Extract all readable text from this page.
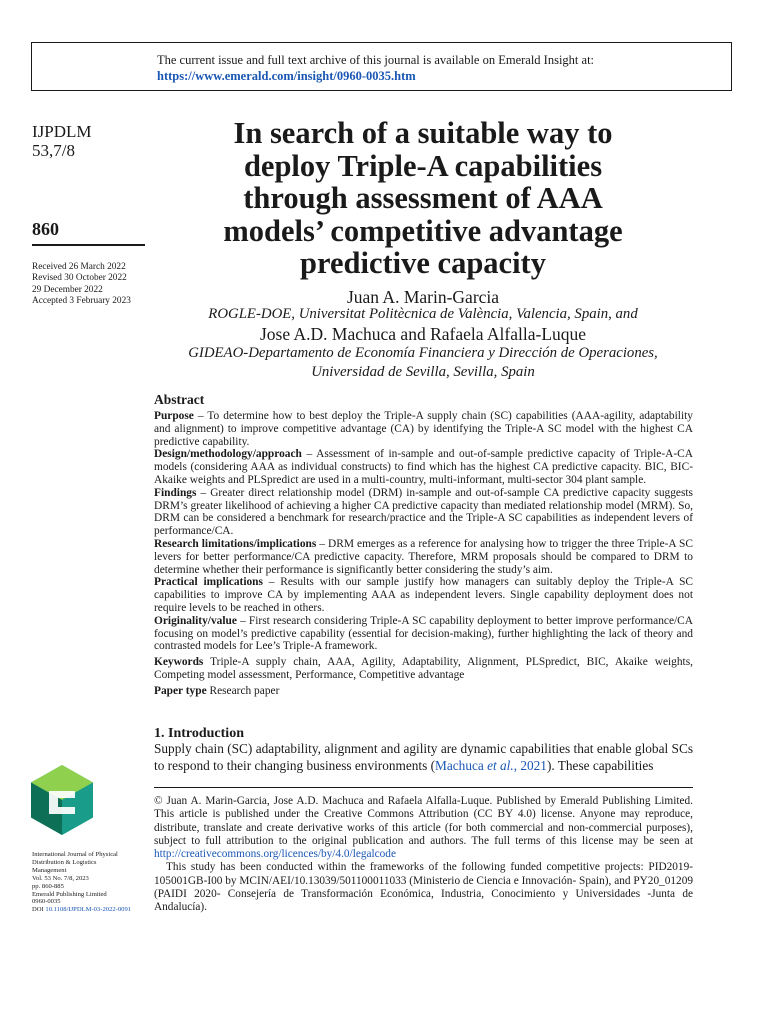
The current issue and full text archive of this journal is available on Emerald Insight at:
https://www.emerald.com/insight/0960-0035.htm
IJPDLM
53,7/8
860
Received 26 March 2022
Revised 30 October 2022
29 December 2022
Accepted 3 February 2023
In search of a suitable way to
deploy Triple-A capabilities
through assessment of AAA
models’ competitive advantage
predictive capacity
Juan A. Marin-Garcia
ROGLE-DOE, Universitat Politècnica de València, Valencia, Spain, and
Jose A.D. Machuca and Rafaela Alfalla-Luque
GIDEAO-Departamento de Economía Financiera y Dirección de Operaciones,
Universidad de Sevilla, Sevilla, Spain
Abstract

Purpose – To determine how to best deploy the Triple-A supply chain (SC) capabilities (AAA-agility, adaptability and alignment) to improve competitive advantage (CA) by identifying the Triple-A SC model with the highest CA predictive capability.

Design/methodology/approach – Assessment of in-sample and out-of-sample predictive capacity of Triple-A-CA models (considering AAA as individual constructs) to find which has the highest CA predictive capacity. BIC, BIC-Akaike weights and PLSpredict are used in a multi-country, multi-informant, multi-sector 304 plant sample.

Findings – Greater direct relationship model (DRM) in-sample and out-of-sample CA predictive capacity suggests DRM’s greater likelihood of achieving a higher CA predictive capacity than mediated relationship model (MRM). So, DRM can be considered a benchmark for research/practice and the Triple-A SC capabilities as independent levers of performance/CA.

Research limitations/implications – DRM emerges as a reference for analysing how to trigger the three Triple-A SC levers for better performance/CA predictive capacity. Therefore, MRM proposals should be compared to DRM to determine whether their performance is significantly better considering the study’s aim.

Practical implications – Results with our sample justify how managers can suitably deploy the Triple-A SC capabilities to improve CA by implementing AAA as independent levers. Single capability deployment does not require levels to be reached in others.

Originality/value – First research considering Triple-A SC capability deployment to better improve performance/CA focusing on model’s predictive capability (essential for decision-making), further highlighting the lack of theory and contrasted models for Lee’s Triple-A framework.

Keywords Triple-A supply chain, AAA, Agility, Adaptability, Alignment, PLSpredict, BIC, Akaike weights, Competing model assessment, Performance, Competitive advantage

Paper type Research paper

1. Introduction
Supply chain (SC) adaptability, alignment and agility are dynamic capabilities that enable global SCs to respond to their changing business environments (Machuca et al., 2021). These capabilities

© Juan A. Marin-Garcia, Jose A.D. Machuca and Rafaela Alfalla-Luque. Published by Emerald Publishing Limited. This article is published under the Creative Commons Attribution (CC BY 4.0) license. Anyone may reproduce, distribute, translate and create derivative works of this article (for both commercial and non-commercial purposes), subject to full attribution to the original publication and authors. The full terms of this license may be seen at http://creativecommons.org/licences/by/4.0/legalcode

This study has been conducted within the frameworks of the following funded competitive projects: PID2019-105001GB-I00 by MCIN/AEI/10.13039/501100011033 (Ministerio de Ciencia e Innovación- Spain), and PY20_01209 (PAIDI 2020- Consejería de Transformación Económica, Industria, Conocimiento y Universidades -Junta de Andalucía).

International Journal of Physical
Distribution & Logistics
Management
Vol. 53 No. 7/8, 2023
pp. 860-885
Emerald Publishing Limited
0960-0035
DOI 10.1108/IJPDLM-03-2022-0091
